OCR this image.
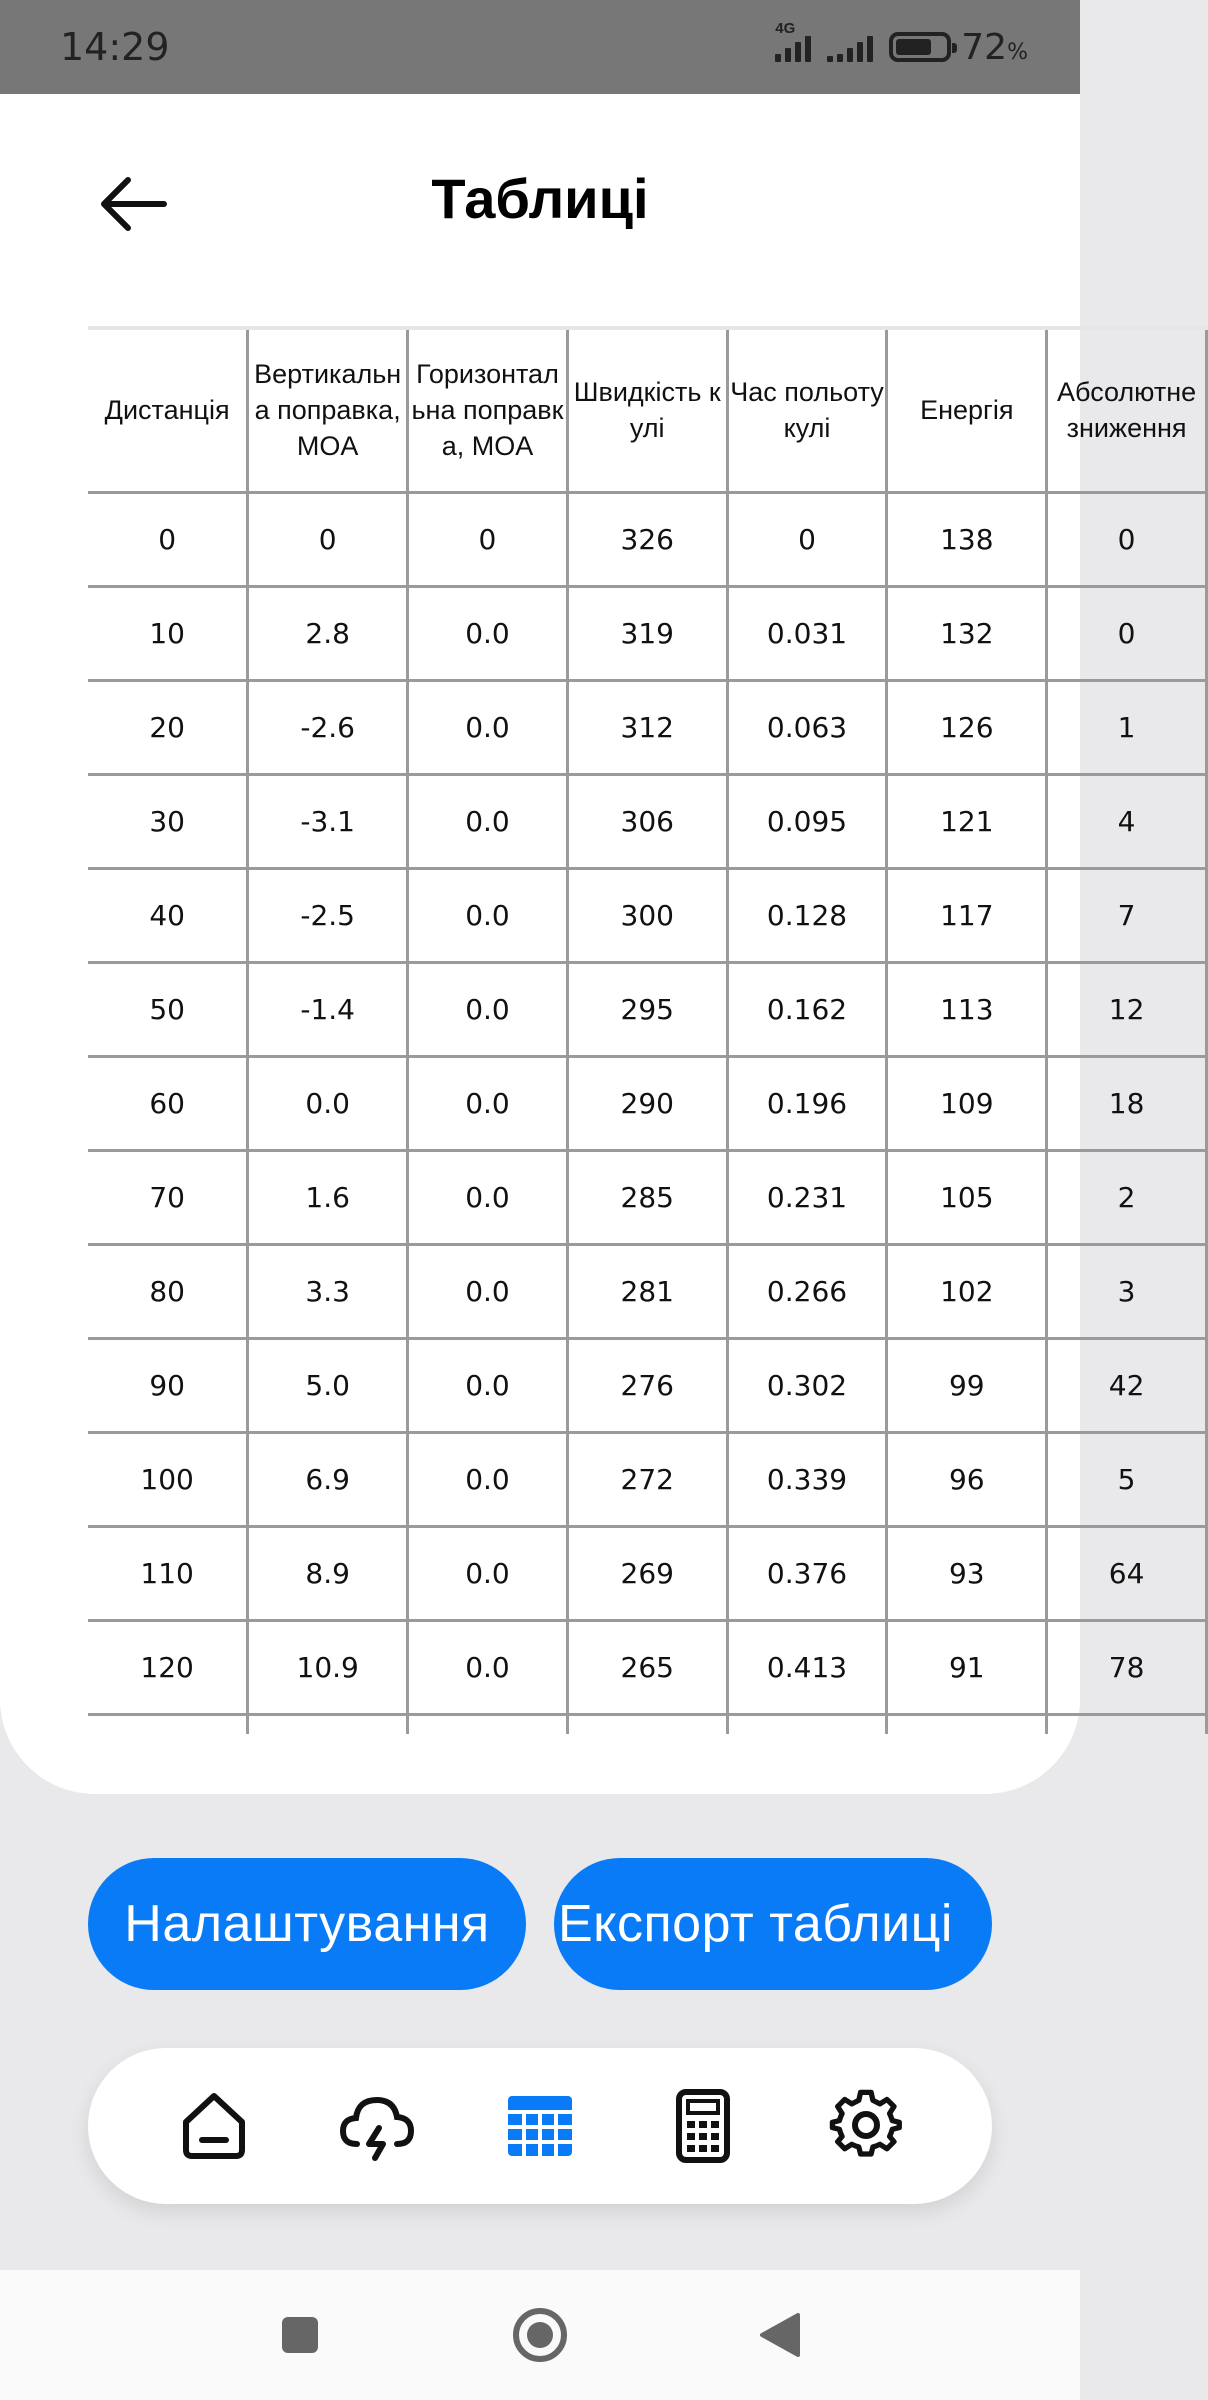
14:29	4G	72%
Таблиці
Дистанція	Вертикальна поправка, MOA	Горизонтальна поправка, MOA	Швидкість кулі	Час польоту кулі	Енергія	Абсолютне зниження
0	0	0	326	0	138	0
10	2.8	0.0	319	0.031	132	0
20	-2.6	0.0	312	0.063	126	1
30	-3.1	0.0	306	0.095	121	4
40	-2.5	0.0	300	0.128	117	7
50	-1.4	0.0	295	0.162	113	12
60	0.0	0.0	290	0.196	109	18
70	1.6	0.0	285	0.231	105	2
80	3.3	0.0	281	0.266	102	3
90	5.0	0.0	276	0.302	99	42
100	6.9	0.0	272	0.339	96	5
110	8.9	0.0	269	0.376	93	64
120	10.9	0.0	265	0.413	91	78

Налаштування	Експорт таблиці
